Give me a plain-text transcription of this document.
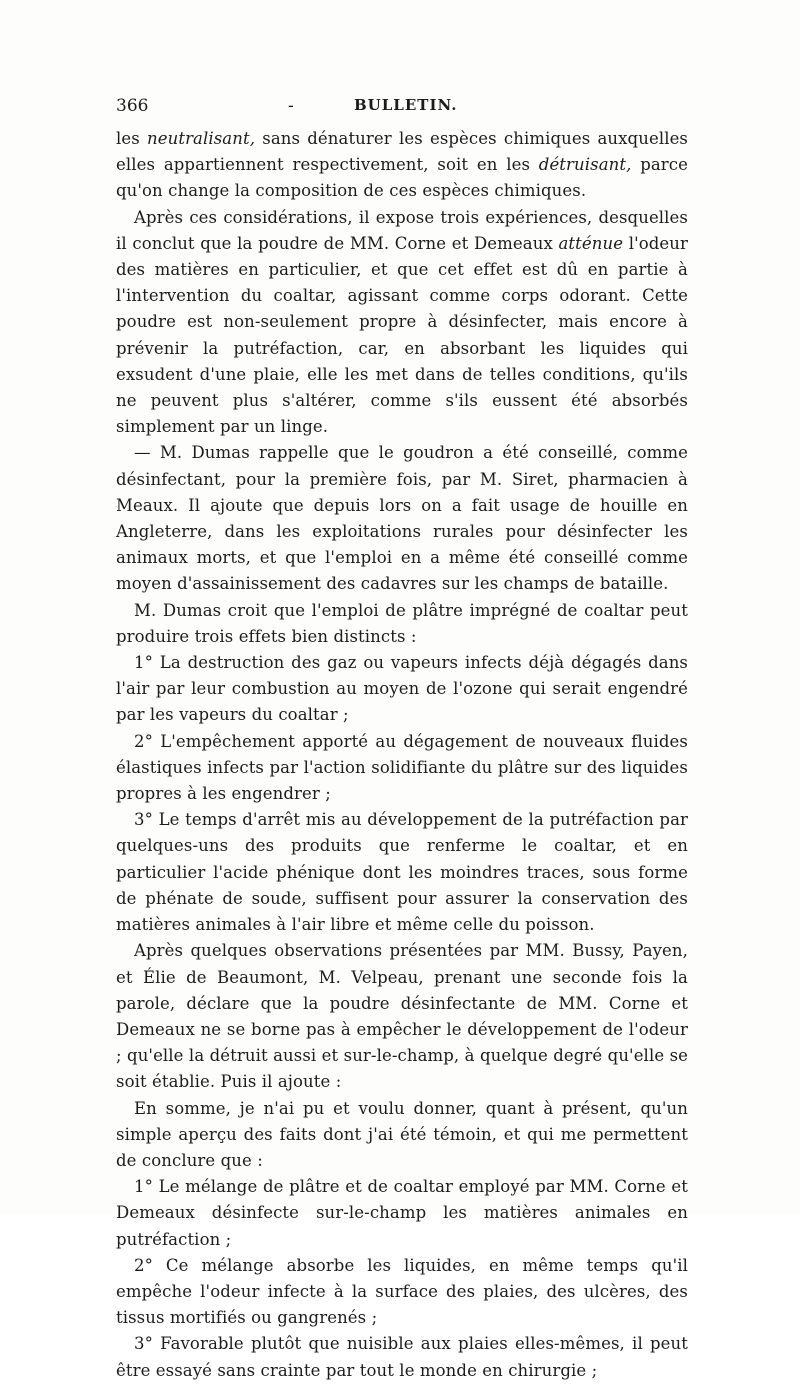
366	-	BULLETIN.

les neutralisant, sans dénaturer les espèces chimiques auxquelles elles appartiennent respectivement, soit en les détruisant, parce qu'on change la composition de ces espèces chimiques.

Après ces considérations, il expose trois expériences, desquelles il conclut que la poudre de MM. Corne et Demeaux atténue l'odeur des matières en particulier, et que cet effet est dû en partie à l'intervention du coaltar, agissant comme corps odorant. Cette poudre est non-seulement propre à désinfecter, mais encore à prévenir la putréfaction, car, en absorbant les liquides qui exsudent d'une plaie, elle les met dans de telles conditions, qu'ils ne peuvent plus s'altérer, comme s'ils eussent été absorbés simplement par un linge.

— M. Dumas rappelle que le goudron a été conseillé, comme désinfectant, pour la première fois, par M. Siret, pharmacien à Meaux. Il ajoute que depuis lors on a fait usage de houille en Angleterre, dans les exploitations rurales pour désinfecter les animaux morts, et que l'emploi en a même été conseillé comme moyen d'assainissement des cadavres sur les champs de bataille.

M. Dumas croit que l'emploi de plâtre imprégné de coaltar peut produire trois effets bien distincts :

1° La destruction des gaz ou vapeurs infects déjà dégagés dans l'air par leur combustion au moyen de l'ozone qui serait engendré par les vapeurs du coaltar ;

2° L'empêchement apporté au dégagement de nouveaux fluides élastiques infects par l'action solidifiante du plâtre sur des liquides propres à les engendrer ;

3° Le temps d'arrêt mis au développement de la putréfaction par quelques-uns des produits que renferme le coaltar, et en particulier l'acide phénique dont les moindres traces, sous forme de phénate de soude, suffisent pour assurer la conservation des matières animales à l'air libre et même celle du poisson.

Après quelques observations présentées par MM. Bussy, Payen, et Élie de Beaumont, M. Velpeau, prenant une seconde fois la parole, déclare que la poudre désinfectante de MM. Corne et Demeaux ne se borne pas à empêcher le développement de l'odeur ; qu'elle la détruit aussi et sur-le-champ, à quelque degré qu'elle se soit établie. Puis il ajoute :

En somme, je n'ai pu et voulu donner, quant à présent, qu'un simple aperçu des faits dont j'ai été témoin, et qui me permettent de conclure que :

1° Le mélange de plâtre et de coaltar employé par MM. Corne et Demeaux désinfecte sur-le-champ les matières animales en putréfaction ;

2° Ce mélange absorbe les liquides, en même temps qu'il empêche l'odeur infecte à la surface des plaies, des ulcères, des tissus mortifiés ou gangrenés ;

3° Favorable plutôt que nuisible aux plaies elles-mêmes, il peut être essayé sans crainte par tout le monde en chirurgie ;
